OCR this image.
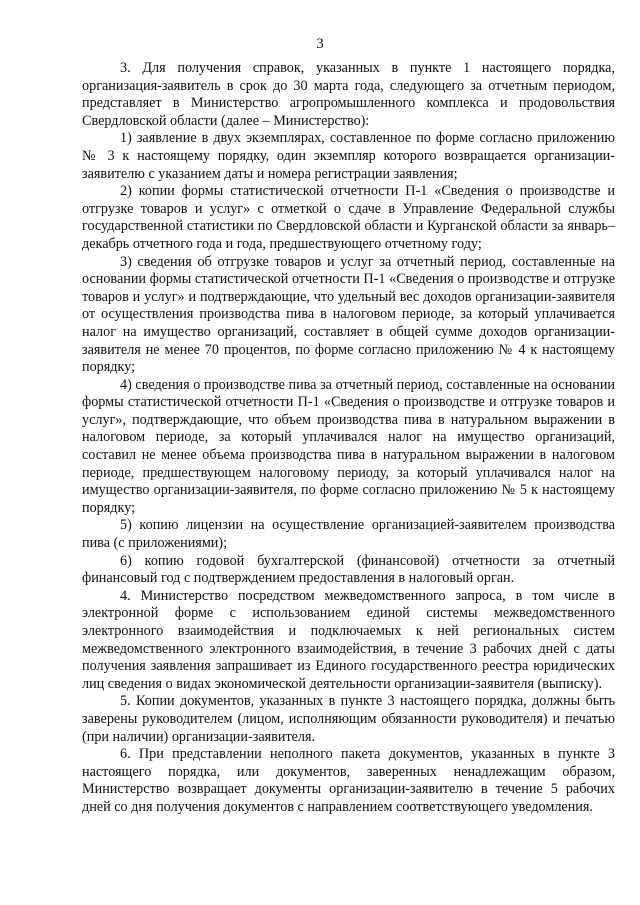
3

3. Для получения справок, указанных в пункте 1 настоящего порядка, организация-заявитель в срок до 30 марта года, следующего за отчетным периодом, представляет в Министерство агропромышленного комплекса и продовольствия Свердловской области (далее – Министерство):

1) заявление в двух экземплярах, составленное по форме согласно приложению № 3 к настоящему порядку, один экземпляр которого возвращается организации-заявителю с указанием даты и номера регистрации заявления;

2) копии формы статистической отчетности П-1 «Сведения о производстве и отгрузке товаров и услуг» с отметкой о сдаче в Управление Федеральной службы государственной статистики по Свердловской области и Курганской области за январь–декабрь отчетного года и года, предшествующего отчетному году;

3) сведения об отгрузке товаров и услуг за отчетный период, составленные на основании формы статистической отчетности П-1 «Сведения о производстве и отгрузке товаров и услуг» и подтверждающие, что удельный вес доходов организации-заявителя от осуществления производства пива в налоговом периоде, за который уплачивается налог на имущество организаций, составляет в общей сумме доходов организации-заявителя не менее 70 процентов, по форме согласно приложению № 4 к настоящему порядку;

4) сведения о производстве пива за отчетный период, составленные на основании формы статистической отчетности П-1 «Сведения о производстве и отгрузке товаров и услуг», подтверждающие, что объем производства пива в натуральном выражении в налоговом периоде, за который уплачивался налог на имущество организаций, составил не менее объема производства пива в натуральном выражении в налоговом периоде, предшествующем налоговому периоду, за который уплачивался налог на имущество организации-заявителя, по форме согласно приложению № 5 к настоящему порядку;

5) копию лицензии на осуществление организацией-заявителем производства пива (с приложениями);

6) копию годовой бухгалтерской (финансовой) отчетности за отчетный финансовый год с подтверждением предоставления в налоговый орган.

4. Министерство посредством межведомственного запроса, в том числе в электронной форме с использованием единой системы межведомственного электронного взаимодействия и подключаемых к ней региональных систем межведомственного электронного взаимодействия, в течение 3 рабочих дней с даты получения заявления запрашивает из Единого государственного реестра юридических лиц сведения о видах экономической деятельности организации-заявителя (выписку).

5. Копии документов, указанных в пункте 3 настоящего порядка, должны быть заверены руководителем (лицом, исполняющим обязанности руководителя) и печатью (при наличии) организации-заявителя.

6. При представлении неполного пакета документов, указанных в пункте 3 настоящего порядка, или документов, заверенных ненадлежащим образом, Министерство возвращает документы организации-заявителю в течение 5 рабочих дней со дня получения документов с направлением соответствующего уведомления.
